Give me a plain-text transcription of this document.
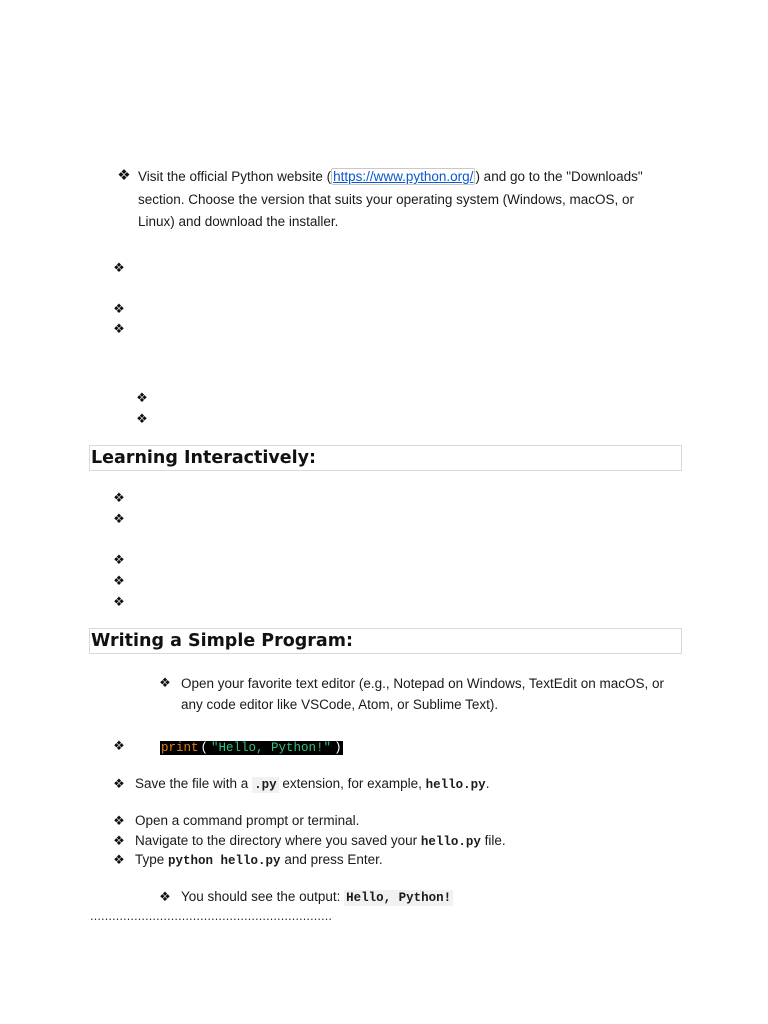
❖ Visit the official Python website ( https://www.python.org/ ) and go to the "Downloads"
section. Choose the version that suits your operating system (Windows, macOS, or
Linux) and download the installer.
❖
❖
❖
❖
❖
Learning Interactively:
❖
❖
❖
❖
❖
Writing a Simple Program:
❖ Open your favorite text editor (e.g., Notepad on Windows, TextEdit on macOS, or
any code editor like VSCode, Atom, or Sublime Text).
❖	print ( "Hello, Python!" )
❖ Save the file with a .py extension, for example, hello.py.
❖ Open a command prompt or terminal.
❖ Navigate to the directory where you saved your hello.py file.
❖ Type python hello.py and press Enter.
❖ You should see the output: Hello, Python!
…………………………………………………………
